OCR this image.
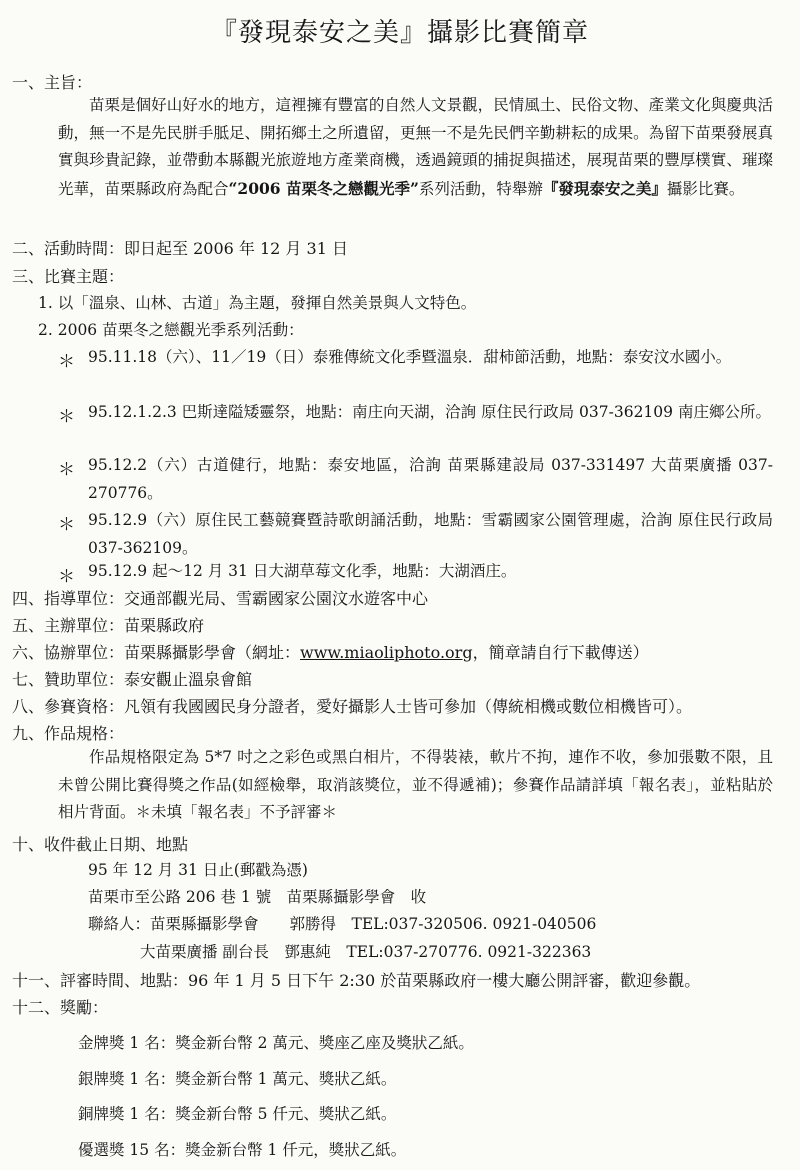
『發現泰安之美』攝影比賽簡章
一、主旨：
苗栗是個好山好水的地方，這裡擁有豐富的自然人文景觀，民情風土、民俗文物、產業文化與慶典活動，無一不是先民胼手胝足、開拓鄉土之所遺留，更無一不是先民們辛勤耕耘的成果。為留下苗栗發展真實與珍貴記錄，並帶動本縣觀光旅遊地方產業商機，透過鏡頭的捕捉與描述，展現苗栗的豐厚樸實、璀璨光華，苗栗縣政府為配合“2006 苗栗冬之戀觀光季”系列活動，特舉辦『發現泰安之美』攝影比賽。
二、活動時間：即日起至 2006 年 12 月 31 日
三、比賽主題：
1. 以「溫泉、山林、古道」為主題，發揮自然美景與人文特色。
2. 2006 苗栗冬之戀觀光季系列活動：
＊ 95.11.18（六）、11／19（日）泰雅傳統文化季暨溫泉．甜柿節活動，地點：泰安汶水國小。
＊ 95.12.1.2.3 巴斯達隘矮靈祭，地點：南庄向天湖，洽詢 原住民行政局 037-362109 南庄鄉公所。
＊ 95.12.2（六）古道健行，地點：泰安地區，洽詢 苗栗縣建設局 037-331497 大苗栗廣播 037-270776。
＊ 95.12.9（六）原住民工藝競賽暨詩歌朗誦活動，地點：雪霸國家公園管理處，洽詢 原住民行政局 037-362109。
＊ 95.12.9 起～12 月 31 日大湖草莓文化季，地點：大湖酒庄。
四、指導單位：交通部觀光局、雪霸國家公園汶水遊客中心
五、主辦單位：苗栗縣政府
六、協辦單位：苗栗縣攝影學會（網址：www.miaoliphoto.org，簡章請自行下載傳送）
七、贊助單位：泰安觀止溫泉會館
八、參賽資格：凡領有我國國民身分證者，愛好攝影人士皆可參加（傳統相機或數位相機皆可）。
九、作品規格：
作品規格限定為 5*7 吋之之彩色或黑白相片，不得裝裱，軟片不拘，連作不收，參加張數不限，且未曾公開比賽得獎之作品(如經檢舉，取消該獎位，並不得遞補)；參賽作品請詳填「報名表」，並粘貼於相片背面。＊未填「報名表」不予評審＊
十、收件截止日期、地點
95 年 12 月 31 日止(郵戳為憑)
苗栗市至公路 206 巷 1 號　苗栗縣攝影學會　收
聯絡人：苗栗縣攝影學會　　郭勝得　TEL:037-320506. 0921-040506
大苗栗廣播 副台長　鄧惠純　TEL:037-270776. 0921-322363
十一、評審時間、地點：96 年 1 月 5 日下午 2:30 於苗栗縣政府一樓大廳公開評審，歡迎參觀。
十二、獎勵：
金牌獎 1 名：獎金新台幣 2 萬元、獎座乙座及獎狀乙紙。
銀牌獎 1 名：獎金新台幣 1 萬元、獎狀乙紙。
銅牌獎 1 名：獎金新台幣 5 仟元、獎狀乙紙。
優選獎 15 名：獎金新台幣 1 仟元，獎狀乙紙。
